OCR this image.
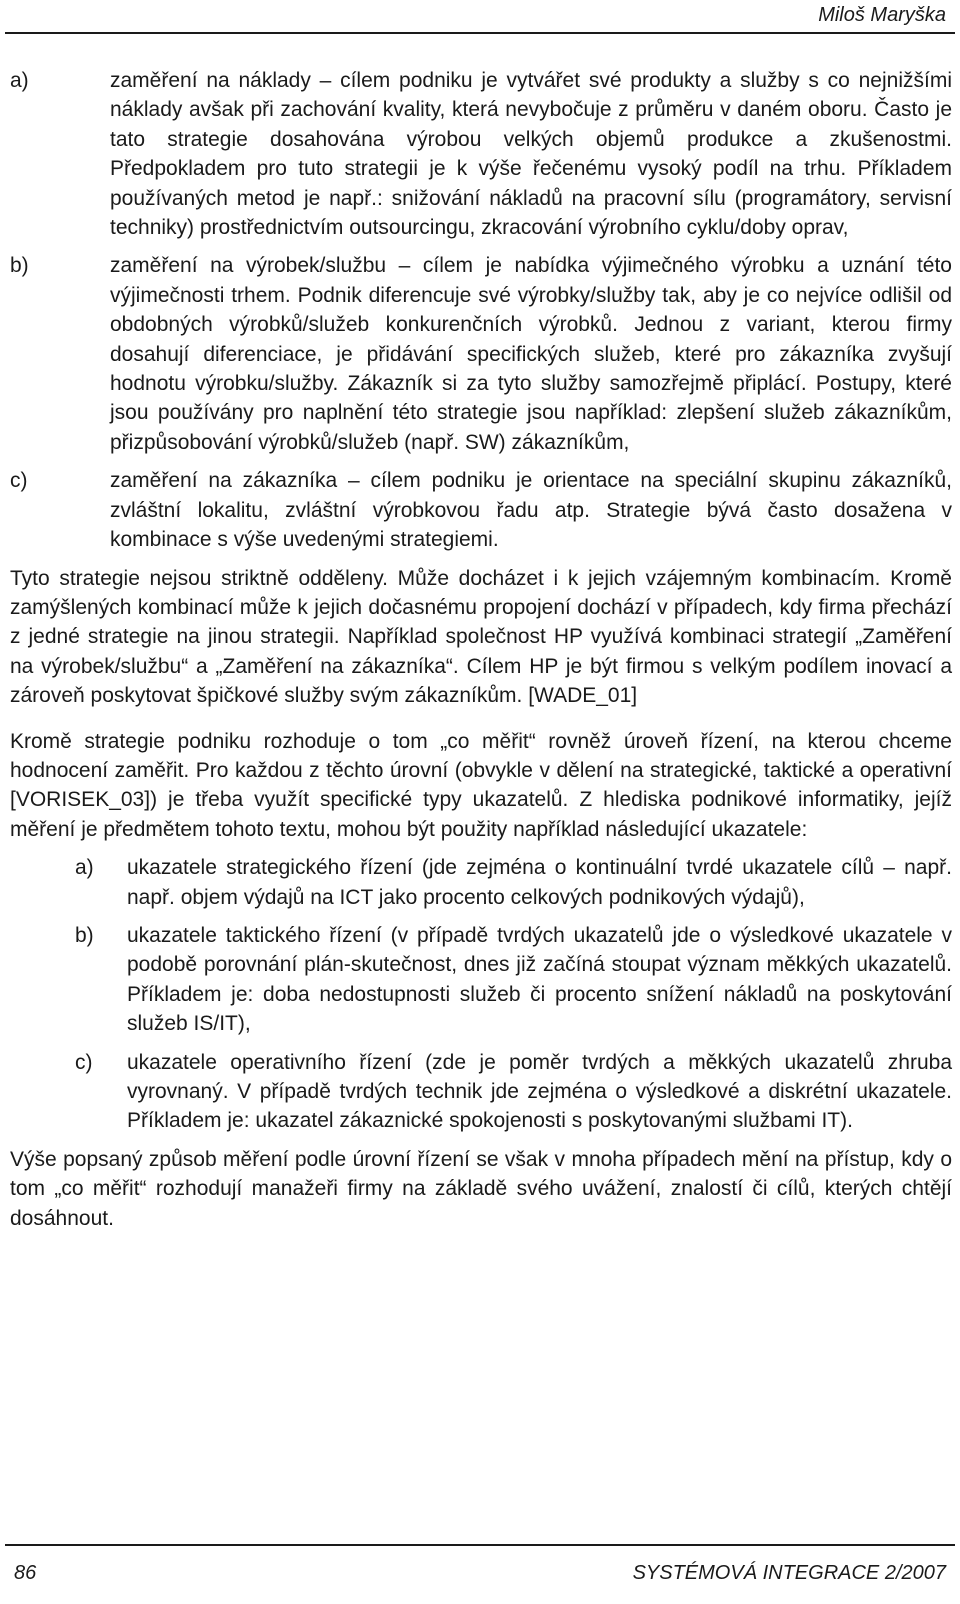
Miloš Maryška
a)	zaměření na náklady – cílem podniku je vytvářet své produkty a služby s co nejnižšími náklady avšak při zachování kvality, která nevybočuje z průměru v daném oboru. Často je tato strategie dosahována výrobou velkých objemů produkce a zkušenostmi. Předpokladem pro tuto strategii je k výše řečenému vysoký podíl na trhu. Příkladem používaných metod je např.: snižování nákladů na pracovní sílu (programátory, servisní techniky) prostřednictvím outsourcingu, zkracování výrobního cyklu/doby oprav,
b)	zaměření na výrobek/službu – cílem je nabídka výjimečného výrobku a uznání této výjimečnosti trhem. Podnik diferencuje své výrobky/služby tak, aby je co nejvíce odlišil od obdobných výrobků/služeb konkurenčních výrobků. Jednou z variant, kterou firmy dosahují diferenciace, je přidávání specifických služeb, které pro zákazníka zvyšují hodnotu výrobku/služby. Zákazník si za tyto služby samozřejmě připlácí. Postupy, které jsou používány pro naplnění této strategie jsou například: zlepšení služeb zákazníkům, přizpůsobování výrobků/služeb (např. SW) zákazníkům,
c)	zaměření na zákazníka – cílem podniku je orientace na speciální skupinu zákazníků, zvláštní lokalitu, zvláštní výrobkovou řadu atp. Strategie bývá často dosažena v kombinace s výše uvedenými strategiemi.

Tyto strategie nejsou striktně odděleny. Může docházet i k jejich vzájemným kombinacím. Kromě zamýšlených kombinací může k jejich dočasnému propojení dochází v případech, kdy firma přechází z jedné strategie na jinou strategii. Například společnost HP využívá kombinaci strategií „Zaměření na výrobek/službu“ a „Zaměření na zákazníka“. Cílem HP je být firmou s velkým podílem inovací a zároveň poskytovat špičkové služby svým zákazníkům. [WADE_01]

Kromě strategie podniku rozhoduje o tom „co měřit“ rovněž úroveň řízení, na kterou chceme hodnocení zaměřit. Pro každou z těchto úrovní (obvykle v dělení na strategické, taktické a operativní [VORISEK_03]) je třeba využít specifické typy ukazatelů. Z hlediska podnikové informatiky, jejíž měření je předmětem tohoto textu, mohou být použity například následující ukazatele:

a)	ukazatele strategického řízení (jde zejména o kontinuální tvrdé ukazatele cílů – např. např. objem výdajů na ICT jako procento celkových podnikových výdajů),
b)	ukazatele taktického řízení (v případě tvrdých ukazatelů jde o výsledkové ukazatele v podobě porovnání plán-skutečnost, dnes již začíná stoupat význam měkkých ukazatelů. Příkladem je: doba nedostupnosti služeb či procento snížení nákladů na poskytování služeb IS/IT),
c)	ukazatele operativního řízení (zde je poměr tvrdých a měkkých ukazatelů zhruba vyrovnaný. V případě tvrdých technik jde zejména o výsledkové a diskrétní ukazatele. Příkladem je: ukazatel zákaznické spokojenosti s poskytovanými službami IT).

Výše popsaný způsob měření podle úrovní řízení se však v mnoha případech mění na přístup, kdy o tom „co měřit“ rozhodují manažeři firmy na základě svého uvážení, znalostí či cílů, kterých chtějí dosáhnout.

86	SYSTÉMOVÁ INTEGRACE 2/2007
